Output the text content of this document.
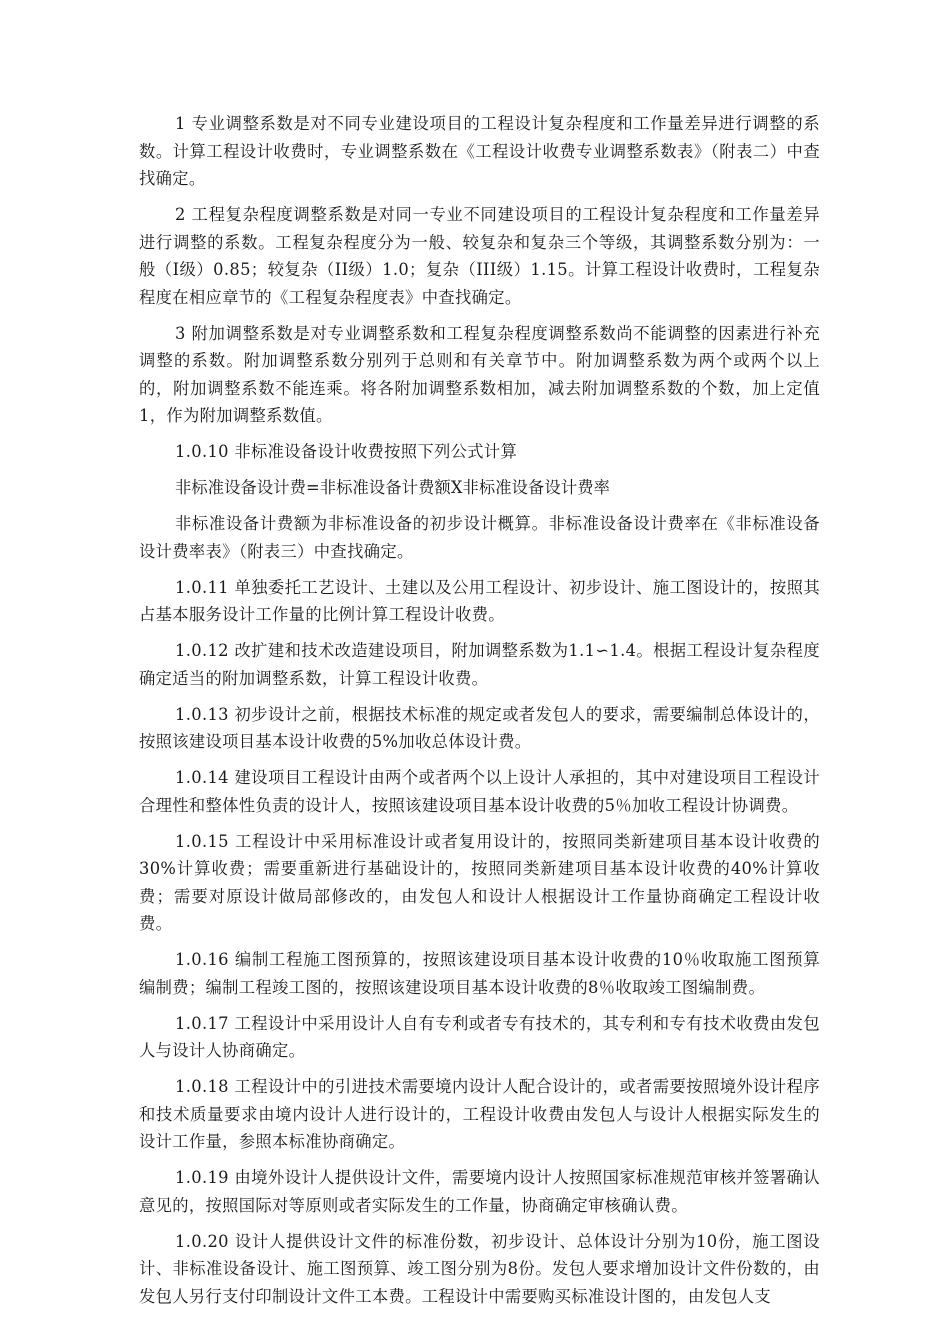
1 专业调整系数是对不同专业建设项目的工程设计复杂程度和工作量差异进行调整的系数。计算工程设计收费时，专业调整系数在《工程设计收费专业调整系数表》（附表二）中查找确定。

2 工程复杂程度调整系数是对同一专业不同建设项目的工程设计复杂程度和工作量差异进行调整的系数。工程复杂程度分为一般、较复杂和复杂三个等级，其调整系数分别为：一般（I级）0.85；较复杂（II级）1.0；复杂（III级）1.15。计算工程设计收费时，工程复杂程度在相应章节的《工程复杂程度表》中查找确定。

3 附加调整系数是对专业调整系数和工程复杂程度调整系数尚不能调整的因素进行补充调整的系数。附加调整系数分别列于总则和有关章节中。附加调整系数为两个或两个以上的，附加调整系数不能连乘。将各附加调整系数相加，减去附加调整系数的个数，加上定值1，作为附加调整系数值。

1.0.10 非标准设备设计收费按照下列公式计算

非标准设备设计费=非标准设备计费额Χ非标准设备设计费率

非标准设备计费额为非标准设备的初步设计概算。非标准设备设计费率在《非标准设备设计费率表》（附表三）中查找确定。

1.0.11 单独委托工艺设计、土建以及公用工程设计、初步设计、施工图设计的，按照其占基本服务设计工作量的比例计算工程设计收费。

1.0.12 改扩建和技术改造建设项目，附加调整系数为1.1∽1.4。根据工程设计复杂程度确定适当的附加调整系数，计算工程设计收费。

1.0.13 初步设计之前，根据技术标准的规定或者发包人的要求，需要编制总体设计的，按照该建设项目基本设计收费的5%加收总体设计费。

1.0.14 建设项目工程设计由两个或者两个以上设计人承担的，其中对建设项目工程设计合理性和整体性负责的设计人，按照该建设项目基本设计收费的5％加收工程设计协调费。

1.0.15 工程设计中采用标准设计或者复用设计的，按照同类新建项目基本设计收费的30%计算收费；需要重新进行基础设计的，按照同类新建项目基本设计收费的40%计算收费；需要对原设计做局部修改的，由发包人和设计人根据设计工作量协商确定工程设计收费。

1.0.16 编制工程施工图预算的，按照该建设项目基本设计收费的10％收取施工图预算编制费；编制工程竣工图的，按照该建设项目基本设计收费的8％收取竣工图编制费。

1.0.17 工程设计中采用设计人自有专利或者专有技术的，其专利和专有技术收费由发包人与设计人协商确定。

1.0.18 工程设计中的引进技术需要境内设计人配合设计的，或者需要按照境外设计程序和技术质量要求由境内设计人进行设计的，工程设计收费由发包人与设计人根据实际发生的设计工作量，参照本标准协商确定。

1.0.19 由境外设计人提供设计文件，需要境内设计人按照国家标准规范审核并签署确认意见的，按照国际对等原则或者实际发生的工作量，协商确定审核确认费。

1.0.20 设计人提供设计文件的标准份数，初步设计、总体设计分别为10份，施工图设计、非标准设备设计、施工图预算、竣工图分别为8份。发包人要求增加设计文件份数的，由发包人另行支付印制设计文件工本费。工程设计中需要购买标准设计图的，由发包人支
